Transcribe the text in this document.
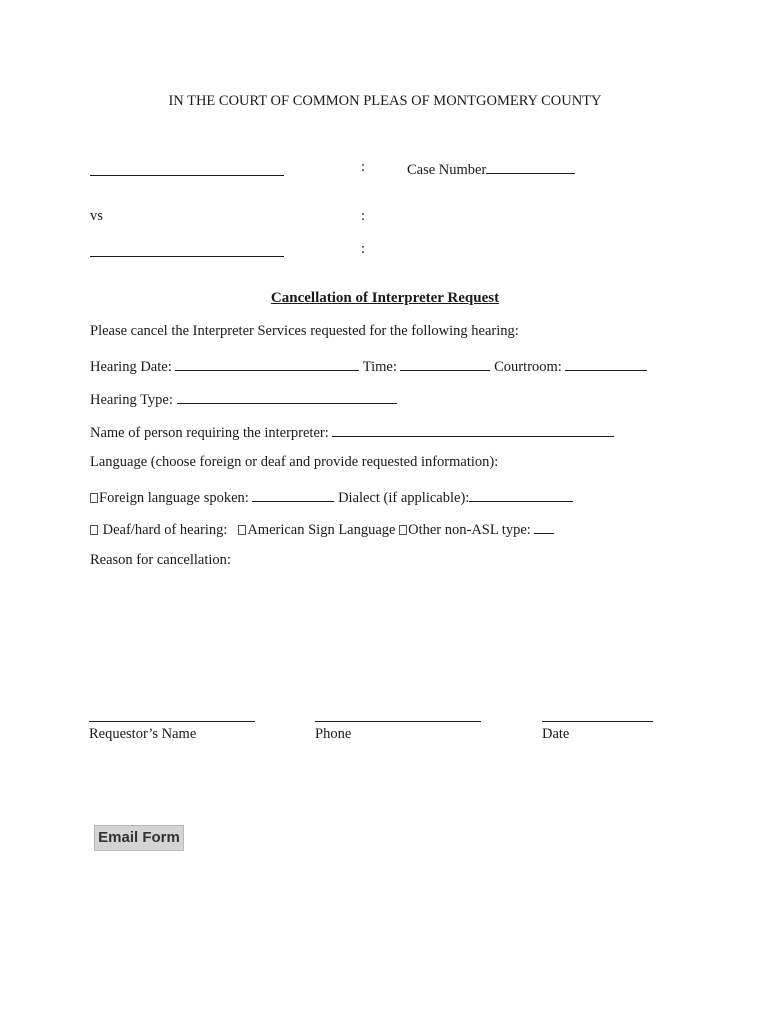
IN THE COURT OF COMMON PLEAS OF MONTGOMERY COUNTY
:	Case Number
vs	:
:
Cancellation of Interpreter Request
Please cancel the Interpreter Services requested for the following hearing:
Hearing Date:	Time:	Courtroom:
Hearing Type:
Name of person requiring the interpreter:
Language (choose foreign or deaf and provide requested information):
Foreign language spoken:	Dialect (if applicable):
Deaf/hard of hearing: American Sign Language Other non-ASL type:
Reason for cancellation:
Requestor’s Name	Phone	Date
Email Form
